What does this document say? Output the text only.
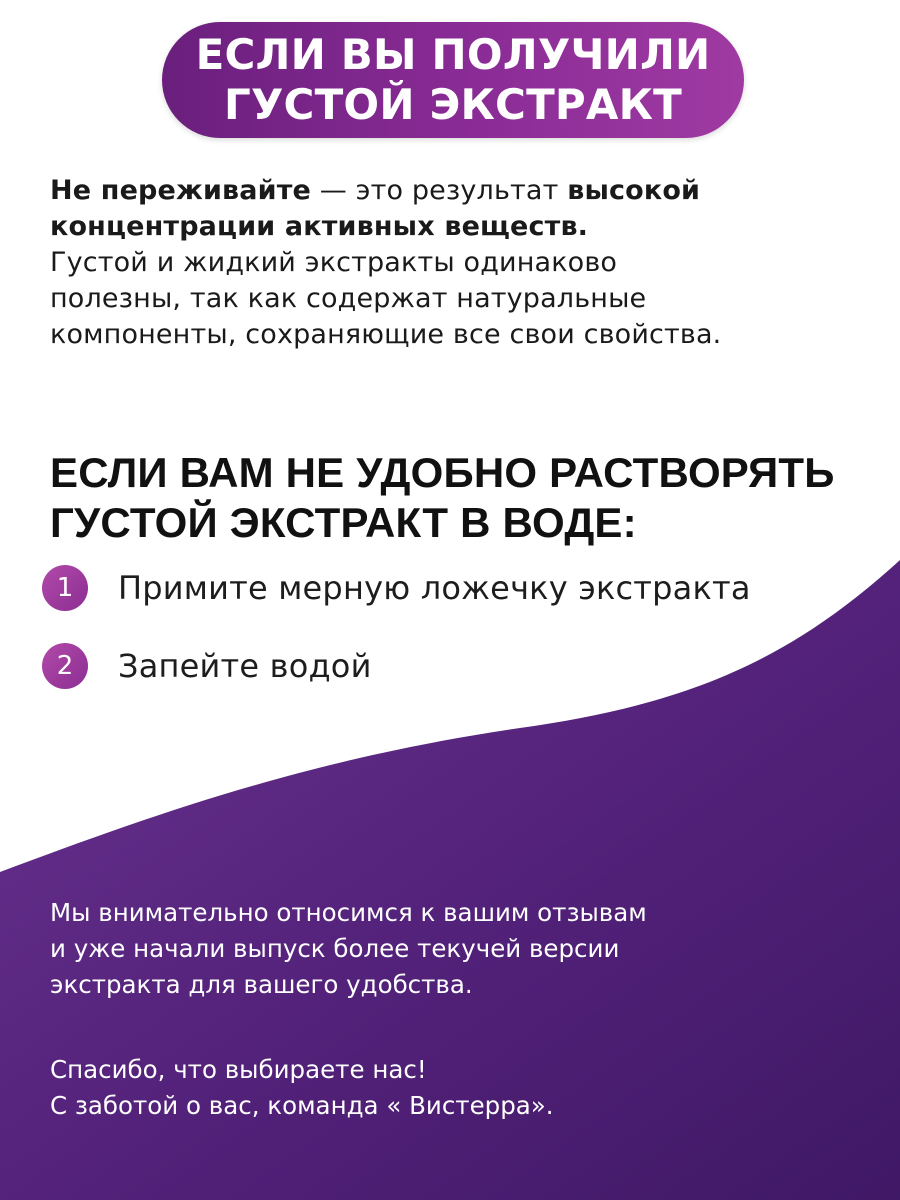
ЕСЛИ ВЫ ПОЛУЧИЛИ
ГУСТОЙ ЭКСТРАКТ
Не переживайте — это результат высокой
концентрации активных веществ.
Густой и жидкий экстракты одинаково
полезны, так как содержат натуральные
компоненты, сохраняющие все свои свойства.
ЕСЛИ ВАМ НЕ УДОБНО РАСТВОРЯТЬ
ГУСТОЙ ЭКСТРАКТ В ВОДЕ:
1	Примите мерную ложечку экстракта
2	Запейте водой
Мы внимательно относимся к вашим отзывам
и уже начали выпуск более текучей версии
экстракта для вашего удобства.
Спасибо, что выбираете нас!
С заботой о вас, команда « Вистерра».
